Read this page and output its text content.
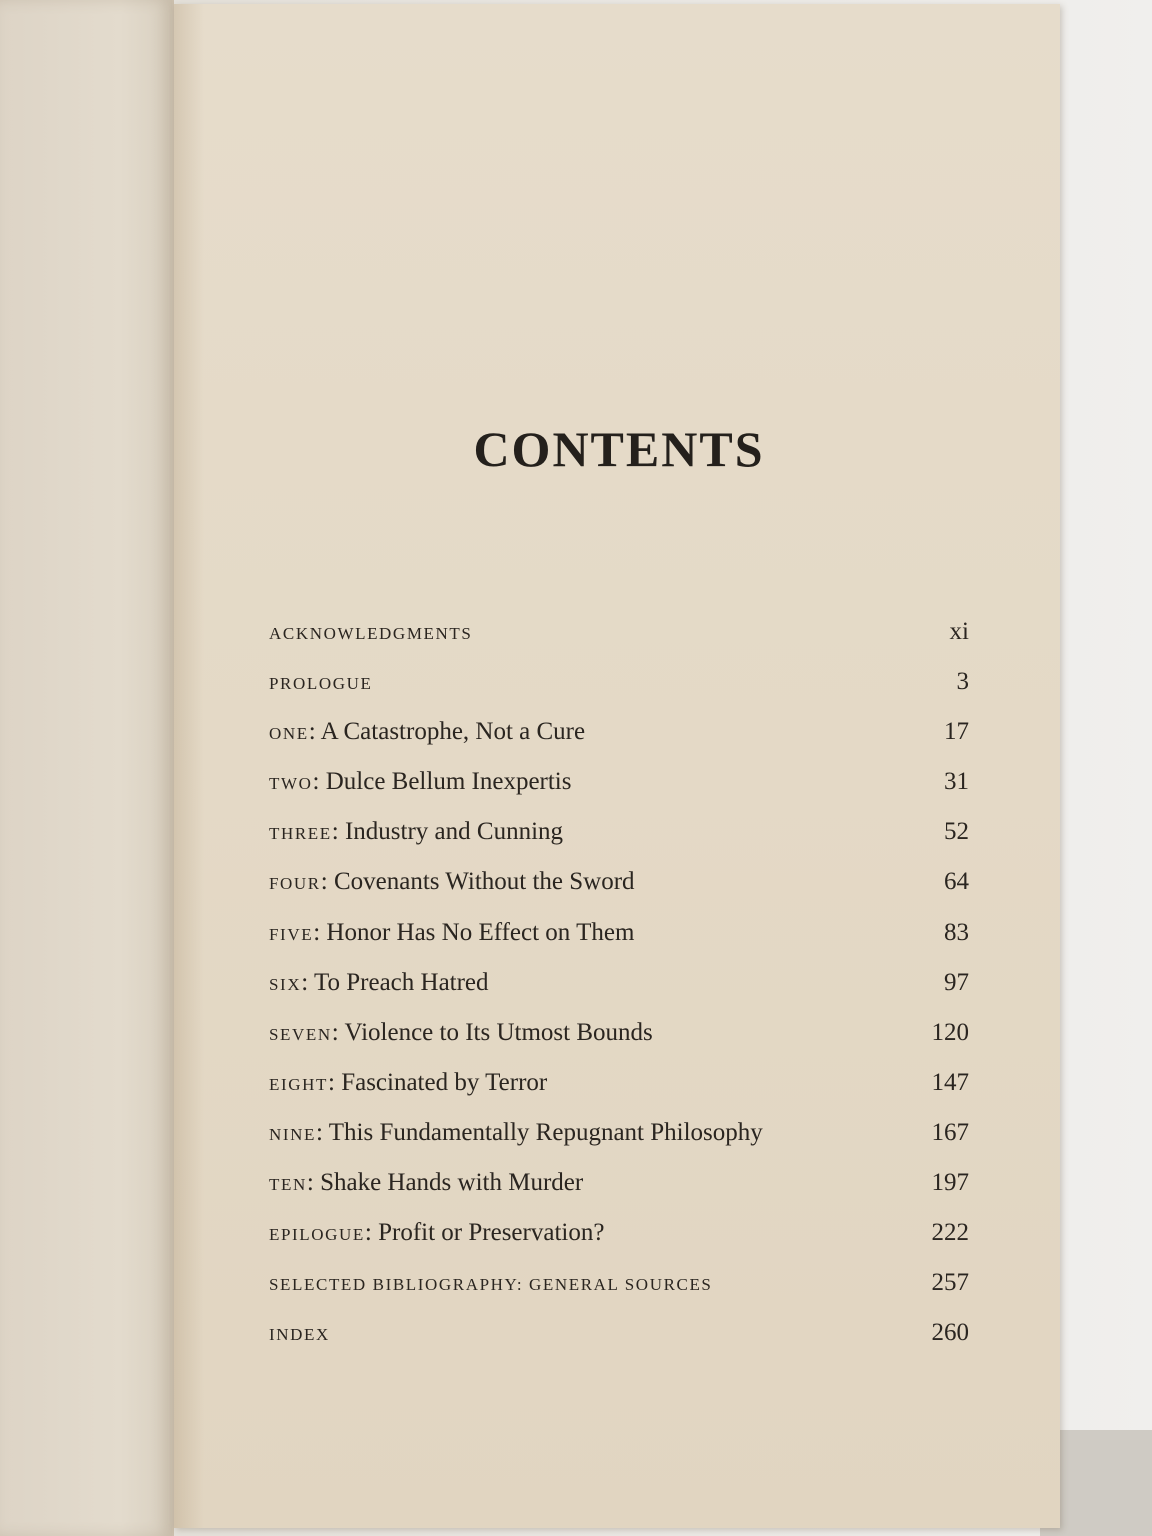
CONTENTS
ACKNOWLEDGMENTS	xi
PROLOGUE	3
ONE: A Catastrophe, Not a Cure	17
TWO: Dulce Bellum Inexpertis	31
THREE: Industry and Cunning	52
FOUR: Covenants Without the Sword	64
FIVE: Honor Has No Effect on Them	83
SIX: To Preach Hatred	97
SEVEN: Violence to Its Utmost Bounds	120
EIGHT: Fascinated by Terror	147
NINE: This Fundamentally Repugnant Philosophy	167
TEN: Shake Hands with Murder	197
EPILOGUE: Profit or Preservation?	222
SELECTED BIBLIOGRAPHY: GENERAL SOURCES	257
INDEX	260
